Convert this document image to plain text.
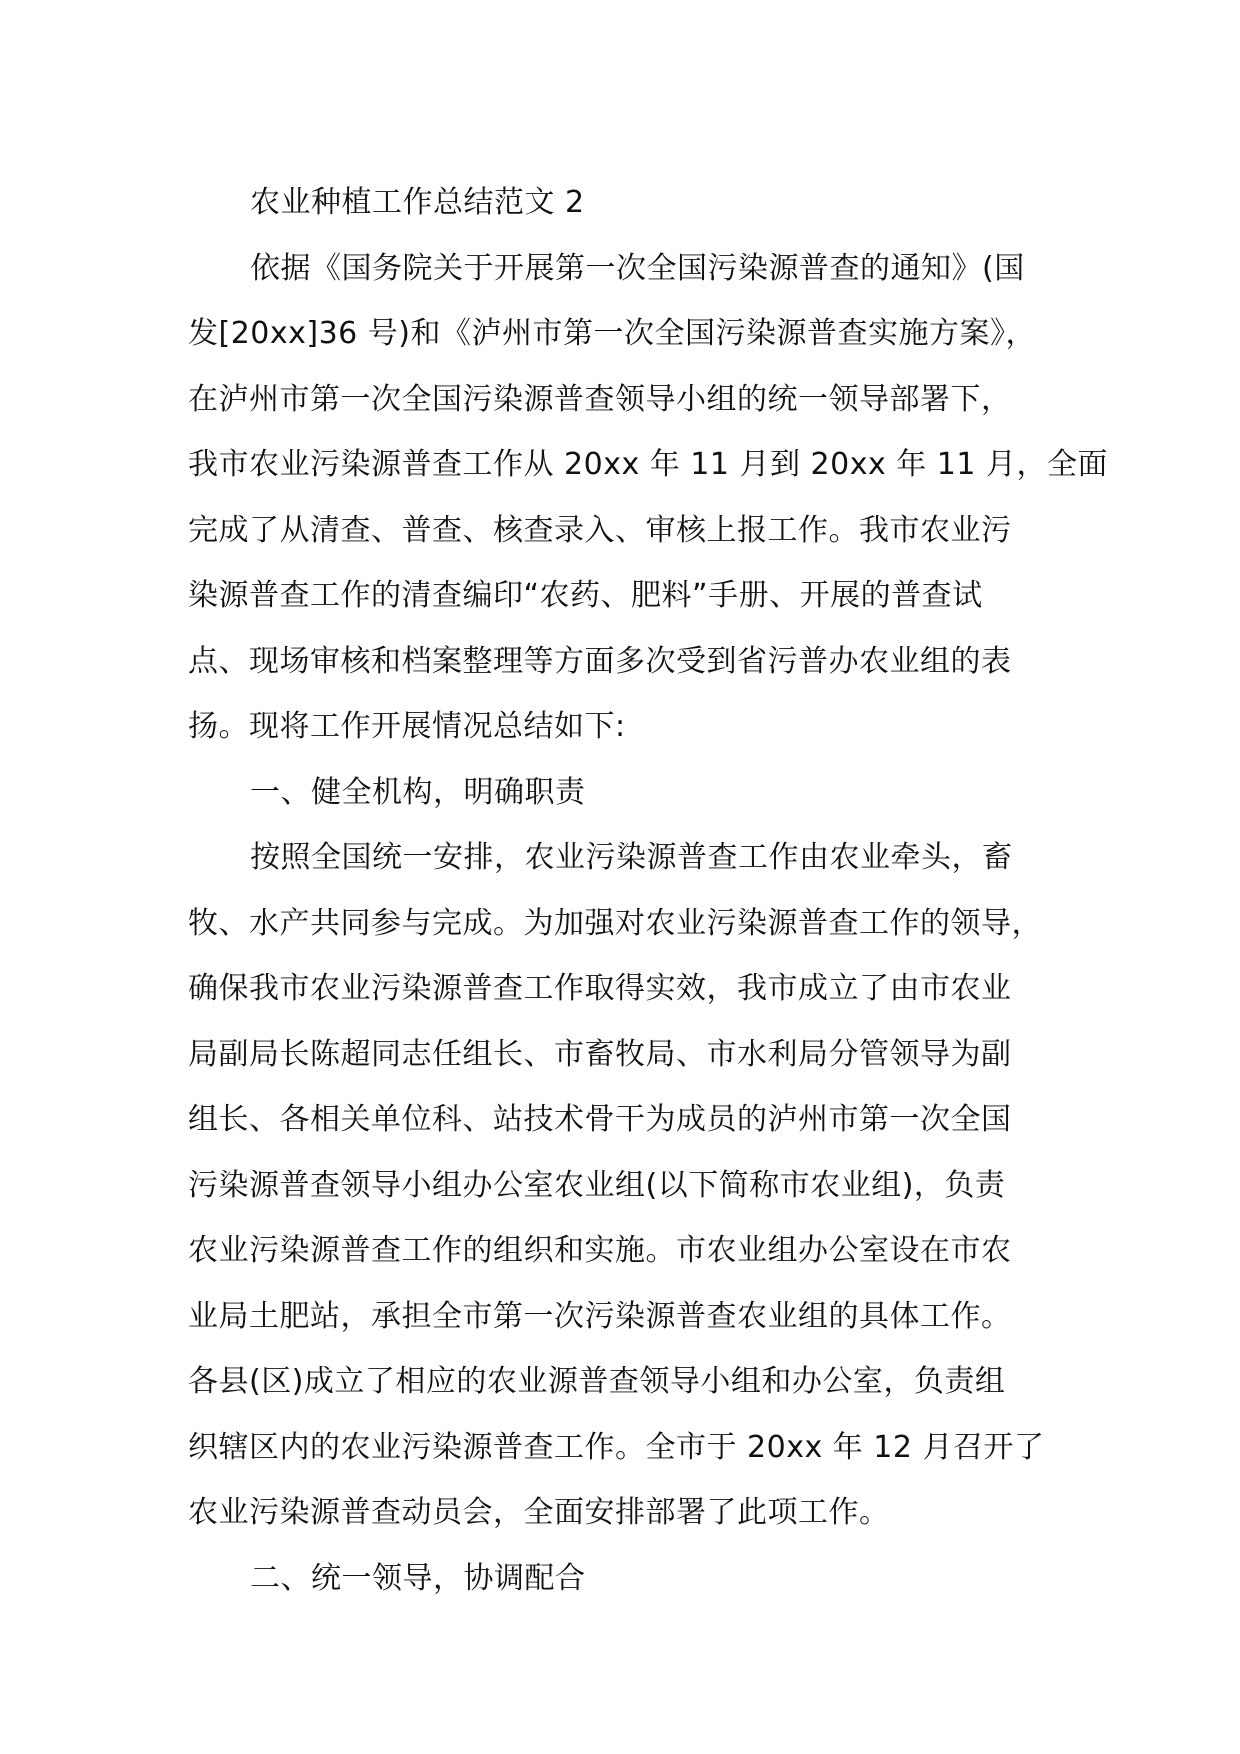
农业种植工作总结范文 2
依据《国务院关于开展第一次全国污染源普查的通知》(国
发[20xx]36 号)和《泸州市第一次全国污染源普查实施方案》，
在泸州市第一次全国污染源普查领导小组的统一领导部署下，
我市农业污染源普查工作从 20xx 年 11 月到 20xx 年 11 月，全面
完成了从清查、普查、核查录入、审核上报工作。我市农业污
染源普查工作的清查编印“农药、肥料”手册、开展的普查试
点、现场审核和档案整理等方面多次受到省污普办农业组的表
扬。现将工作开展情况总结如下:
一、健全机构，明确职责
按照全国统一安排，农业污染源普查工作由农业牵头，畜
牧、水产共同参与完成。为加强对农业污染源普查工作的领导，
确保我市农业污染源普查工作取得实效，我市成立了由市农业
局副局长陈超同志任组长、市畜牧局、市水利局分管领导为副
组长、各相关单位科、站技术骨干为成员的泸州市第一次全国
污染源普查领导小组办公室农业组(以下简称市农业组)，负责
农业污染源普查工作的组织和实施。市农业组办公室设在市农
业局土肥站，承担全市第一次污染源普查农业组的具体工作。
各县(区)成立了相应的农业源普查领导小组和办公室，负责组
织辖区内的农业污染源普查工作。全市于 20xx 年 12 月召开了
农业污染源普查动员会，全面安排部署了此项工作。
二、统一领导，协调配合
